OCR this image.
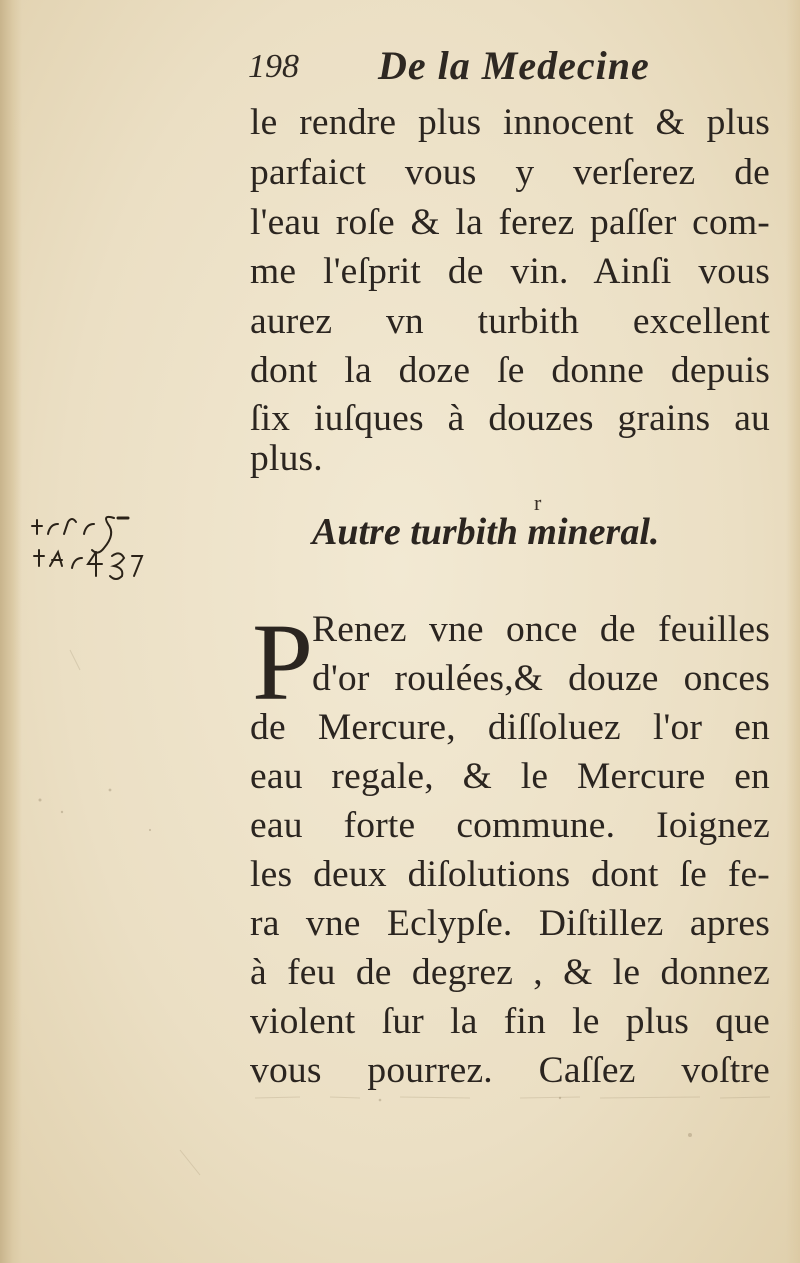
198 De la Medecine
le rendre plus innocent & plus
parfaict vous y verſerez de
l'eau roſe & la ferez paſſer com-
me l'eſprit de vin. Ainſi vous
aurez vn turbith excellent
dont la doze ſe donne depuis
ſix iuſques à douzes grains au
plus.
Autre turbith mineral.
r
P
Renez vne once de feuilles
d'or roulées,& douze onces
de Mercure, diſſoluez l'or en
eau regale, & le Mercure en
eau forte commune. Ioignez
les deux diſolutions dont ſe fe-
ra vne Eclypſe. Diſtillez apres
à feu de degrez , & le donnez
violent ſur la fin le plus que
vous pourrez. Caſſez voſtre
